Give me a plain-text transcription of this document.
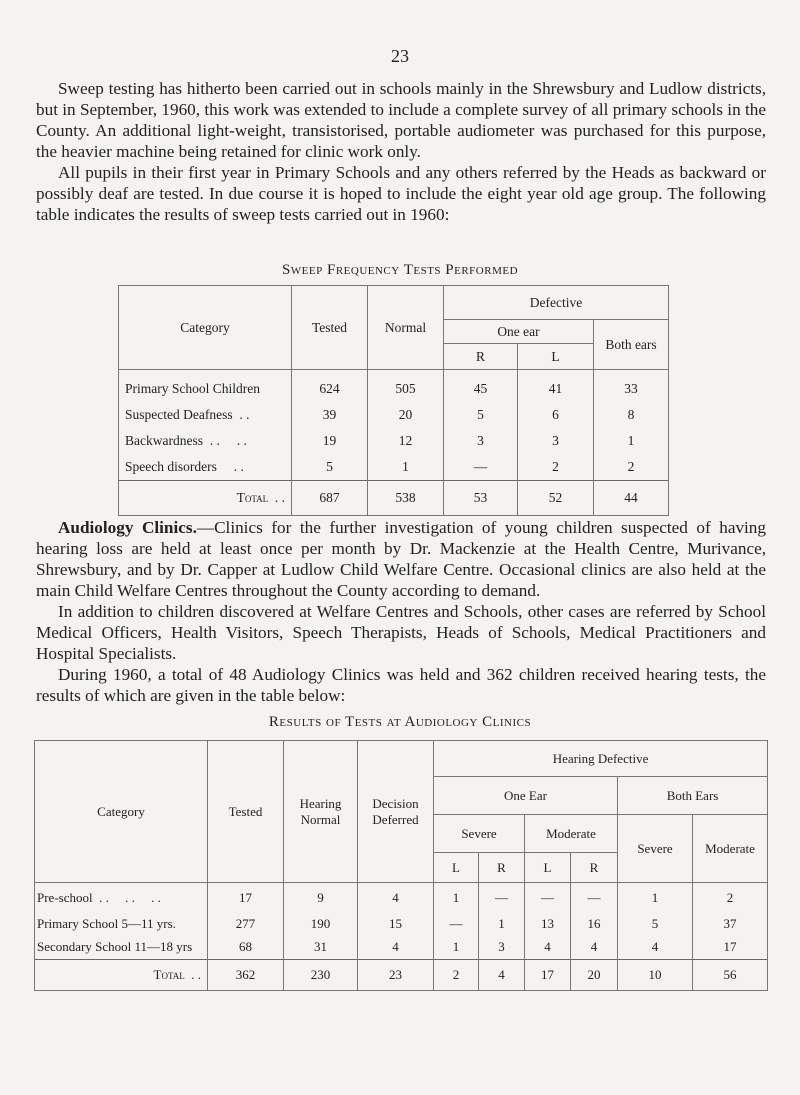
23

Sweep testing has hitherto been carried out in schools mainly in the Shrewsbury and Ludlow districts, but in September, 1960, this work was extended to include a complete survey of all primary schools in the County. An additional light-weight, transistorised, portable audiometer was purchased for this purpose, the heavier machine being retained for clinic work only.

All pupils in their first year in Primary Schools and any others referred by the Heads as backward or possibly deaf are tested. In due course it is hoped to include the eight year old age group. The following table indicates the results of sweep tests carried out in 1960:

Sweep Frequency Tests Performed
Category	Tested	Normal	Defective		
			One ear		Both ears
			R	L	
Primary School Children	624	505	45	41	33
Suspected Deafness  . .	39	20	5	6	8
Backwardness  . .     . .	19	12	3	3	1
Speech disorders     . .	5	1	—	2	2
Total  . .	687	538	53	52	44

Audiology Clinics.—Clinics for the further investigation of young children suspected of having hearing loss are held at least once per month by Dr. Mackenzie at the Health Centre, Murivance, Shrewsbury, and by Dr. Capper at Ludlow Child Welfare Centre. Occasional clinics are also held at the main Child Welfare Centres throughout the County according to demand.

In addition to children discovered at Welfare Centres and Schools, other cases are referred by School Medical Officers, Health Visitors, Speech Therapists, Heads of Schools, Medical Practitioners and Hospital Specialists.

During 1960, a total of 48 Audiology Clinics was held and 362 children received hearing tests, the results of which are given in the table below:

Results of Tests at Audiology Clinics
Category	Tested	Hearing Normal	Decision Deferred	Hearing Defective					
				One Ear				Both Ears	
				Severe		Moderate		Severe	Moderate
				L	R	L	R		
Pre-school  . .     . .     . .	17	9	4	1	—	—	—	1	2
Primary School 5—11 yrs.	277	190	15	—	1	13	16	5	37
Secondary School 11—18 yrs	68	31	4	1	3	4	4	4	17
Total  . .	362	230	23	2	4	17	20	10	56
